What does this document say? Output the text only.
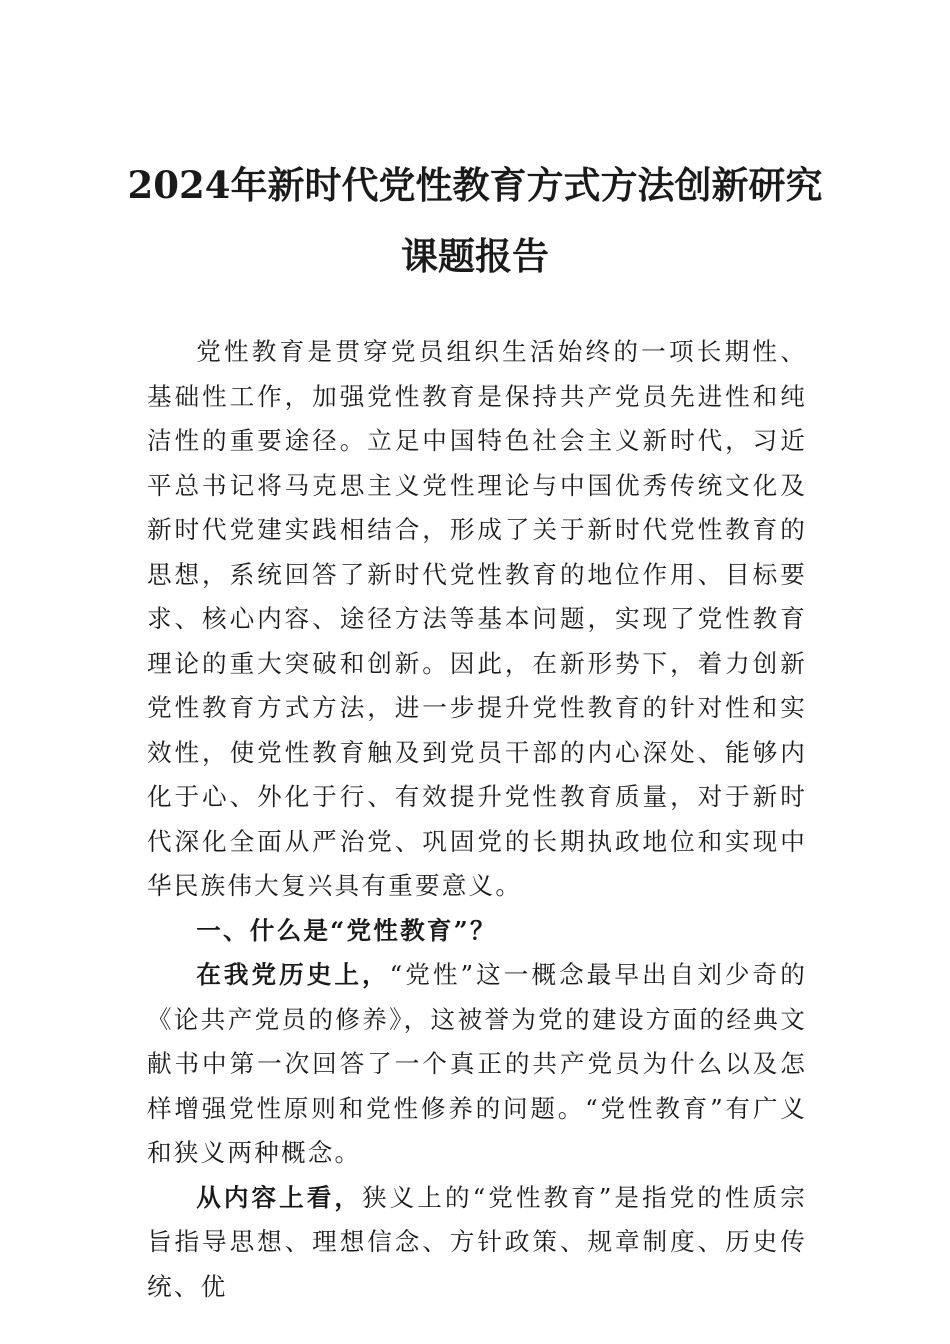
2024年新时代党性教育方式方法创新研究
课题报告

党性教育是贯穿党员组织生活始终的一项长期性、基础性工作，加强党性教育是保持共产党员先进性和纯洁性的重要途径。立足中国特色社会主义新时代，习近平总书记将马克思主义党性理论与中国优秀传统文化及新时代党建实践相结合，形成了关于新时代党性教育的思想，系统回答了新时代党性教育的地位作用、目标要求、核心内容、途径方法等基本问题，实现了党性教育理论的重大突破和创新。因此，在新形势下，着力创新党性教育方式方法，进一步提升党性教育的针对性和实效性，使党性教育触及到党员干部的内心深处、能够内化于心、外化于行、有效提升党性教育质量，对于新时代深化全面从严治党、巩固党的长期执政地位和实现中华民族伟大复兴具有重要意义。

一、什么是“党性教育”？

在我党历史上，“党性”这一概念最早出自刘少奇的《论共产党员的修养》，这被誉为党的建设方面的经典文献书中第一次回答了一个真正的共产党员为什么以及怎样增强党性原则和党性修养的问题。“党性教育”有广义和狭义两种概念。

从内容上看，狭义上的“党性教育”是指党的性质宗旨指导思想、理想信念、方针政策、规章制度、历史传统、优
